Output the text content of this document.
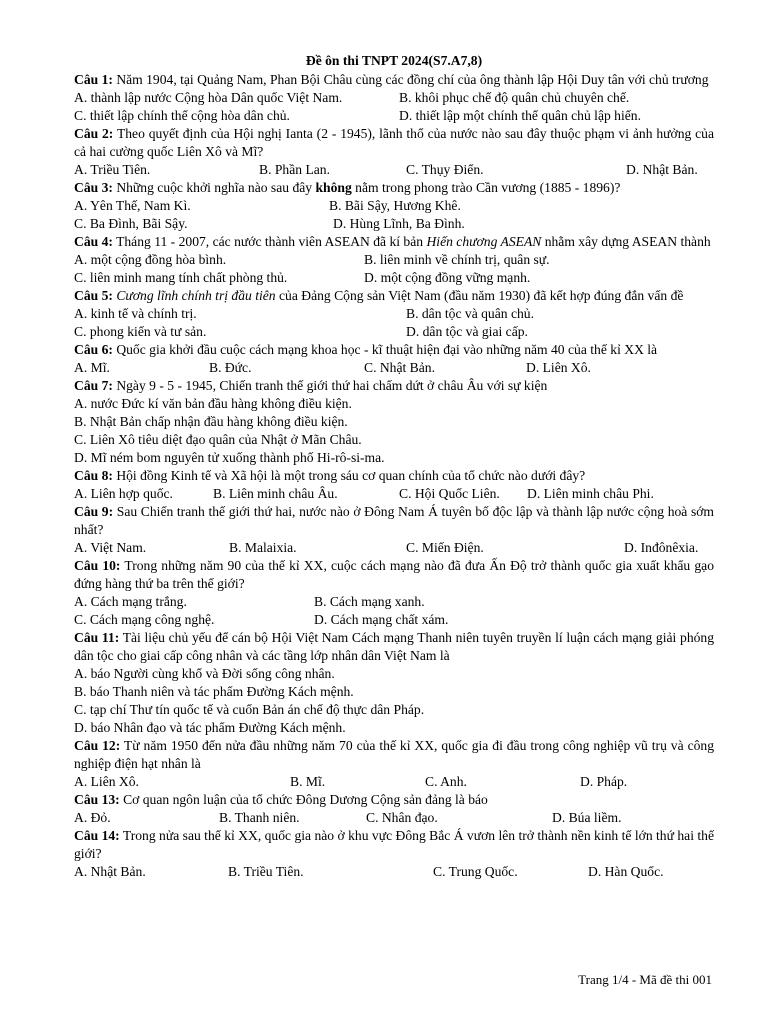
Đề ôn thi TNPT 2024(S7.A7,8)
Câu 1: Năm 1904, tại Quảng Nam, Phan Bội Châu cùng các đồng chí của ông thành lập Hội Duy tân với chủ trương
A. thành lập nước Cộng hòa Dân quốc Việt Nam.	B. khôi phục chế độ quân chủ chuyên chế.
C. thiết lập chính thể cộng hòa dân chủ.	D. thiết lập một chính thể quân chủ lập hiến.
Câu 2: Theo quyết định của Hội nghị Ianta (2 - 1945), lãnh thổ của nước nào sau đây thuộc phạm vi ảnh hưởng của cả hai cường quốc Liên Xô và Mĩ?
A. Triều Tiên.	B. Phần Lan.	C. Thụy Điển.	D. Nhật Bản.
Câu 3: Những cuộc khởi nghĩa nào sau đây không nằm trong phong trào Cần vương (1885 - 1896)?
A. Yên Thế, Nam Kì.	B. Bãi Sậy, Hương Khê.
C. Ba Đình, Bãi Sậy.	D. Hùng Lĩnh, Ba Đình.
Câu 4: Tháng 11 - 2007, các nước thành viên ASEAN đã kí bản Hiến chương ASEAN nhằm xây dựng ASEAN thành
A. một cộng đồng hòa bình.	B. liên minh về chính trị, quân sự.
C. liên minh mang tính chất phòng thủ.	D. một cộng đồng vững mạnh.
Câu 5: Cương lĩnh chính trị đầu tiên của Đảng Cộng sản Việt Nam (đầu năm 1930) đã kết hợp đúng đắn vấn đề
A. kinh tế và chính trị.	B. dân tộc và quân chủ.
C. phong kiến và tư sản.	D. dân tộc và giai cấp.
Câu 6: Quốc gia khởi đầu cuộc cách mạng khoa học - kĩ thuật hiện đại vào những năm 40 của thế kỉ XX là
A. Mĩ.	B. Đức.	C. Nhật Bản.	D. Liên Xô.
Câu 7: Ngày 9 - 5 - 1945, Chiến tranh thế giới thứ hai chấm dứt ở châu Âu với sự kiện
A. nước Đức kí văn bản đầu hàng không điều kiện.
B. Nhật Bản chấp nhận đầu hàng không điều kiện.
C. Liên Xô tiêu diệt đạo quân của Nhật ở Mãn Châu.
D. Mĩ ném bom nguyên tử xuống thành phố Hi-rô-si-ma.
Câu 8: Hội đồng Kinh tế và Xã hội là một trong sáu cơ quan chính của tổ chức nào dưới đây?
A. Liên hợp quốc.	B. Liên minh châu Âu.	C. Hội Quốc Liên.	D. Liên minh châu Phi.
Câu 9: Sau Chiến tranh thế giới thứ hai, nước nào ở Đông Nam Á tuyên bố độc lập và thành lập nước cộng hoà sớm nhất?
A. Việt Nam.	B. Malaixia.	C. Miến Điện.	D. Inđônêxia.
Câu 10: Trong những năm 90 của thế kỉ XX, cuộc cách mạng nào đã đưa Ấn Độ trở thành quốc gia xuất khẩu gạo đứng hàng thứ ba trên thế giới?
A. Cách mạng trắng.	B. Cách mạng xanh.
C. Cách mạng công nghệ.	D. Cách mạng chất xám.
Câu 11: Tài liệu chủ yếu để cán bộ Hội Việt Nam Cách mạng Thanh niên tuyên truyền lí luận cách mạng giải phóng dân tộc cho giai cấp công nhân và các tầng lớp nhân dân Việt Nam là
A. báo Người cùng khổ và Đời sống công nhân.
B. báo Thanh niên và tác phẩm Đường Kách mệnh.
C. tạp chí Thư tín quốc tế và cuốn Bản án chế độ thực dân Pháp.
D. báo Nhân đạo và tác phẩm Đường Kách mệnh.
Câu 12: Từ năm 1950 đến nửa đầu những năm 70 của thế kỉ XX, quốc gia đi đầu trong công nghiệp vũ trụ và công nghiệp điện hạt nhân là
A. Liên Xô.	B. Mĩ.	C. Anh.	D. Pháp.
Câu 13: Cơ quan ngôn luận của tổ chức Đông Dương Cộng sản đảng là báo
A. Đỏ.	B. Thanh niên.	C. Nhân đạo.	D. Búa liềm.
Câu 14: Trong nửa sau thế kỉ XX, quốc gia nào ở khu vực Đông Bắc Á vươn lên trở thành nền kinh tế lớn thứ hai thế giới?
A. Nhật Bản.	B. Triều Tiên.	C. Trung Quốc.	D. Hàn Quốc.
Trang 1/4 - Mã đề thi 001
